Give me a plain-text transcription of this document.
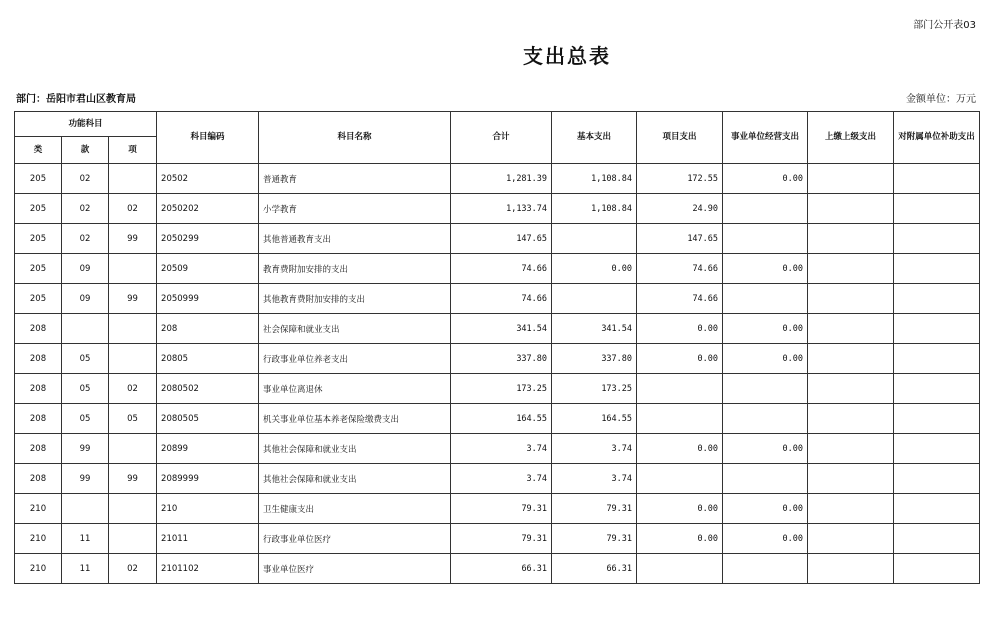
部门公开表03
支出总表
部门：岳阳市君山区教育局	金额单位：万元
功能科目			科目编码	科目名称	合计	基本支出	项目支出	事业单位经营支出	上缴上级支出	对附属单位补助支出
类	款	项								
205	02		20502	普通教育	1,281.39	1,108.84	172.55	0.00		
205	02	02	2050202	小学教育	1,133.74	1,108.84	24.90			
205	02	99	2050299	其他普通教育支出	147.65		147.65			
205	09		20509	教育费附加安排的支出	74.66	0.00	74.66	0.00		
205	09	99	2050999	其他教育费附加安排的支出	74.66		74.66			
208			208	社会保障和就业支出	341.54	341.54	0.00	0.00		
208	05		20805	行政事业单位养老支出	337.80	337.80	0.00	0.00		
208	05	02	2080502	事业单位离退休	173.25	173.25				
208	05	05	2080505	机关事业单位基本养老保险缴费支出	164.55	164.55				
208	99		20899	其他社会保障和就业支出	3.74	3.74	0.00	0.00		
208	99	99	2089999	其他社会保障和就业支出	3.74	3.74				
210			210	卫生健康支出	79.31	79.31	0.00	0.00		
210	11		21011	行政事业单位医疗	79.31	79.31	0.00	0.00		
210	11	02	2101102	事业单位医疗	66.31	66.31				
